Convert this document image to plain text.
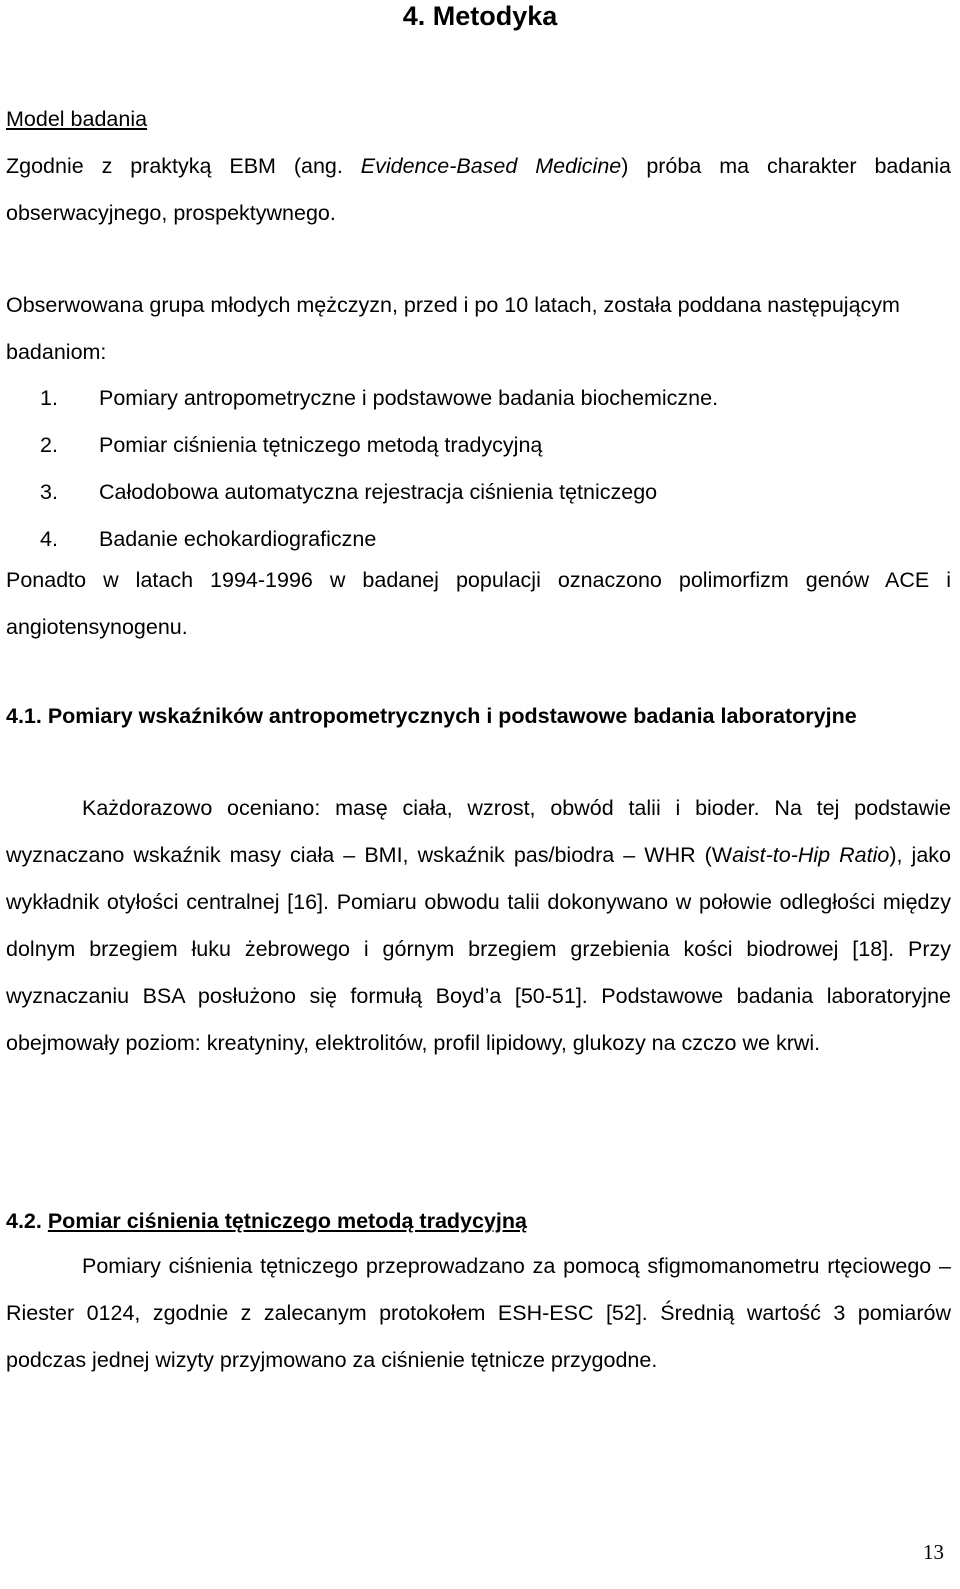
4. Metodyka

Model badania

Zgodnie z praktyką EBM (ang. Evidence-Based Medicine) próba ma charakter badania obserwacyjnego, prospektywnego.

Obserwowana grupa młodych mężczyzn, przed i po 10 latach, została poddana następującym badaniom:

1. Pomiary antropometryczne i podstawowe badania biochemiczne.
2. Pomiar ciśnienia tętniczego metodą tradycyjną
3. Całodobowa automatyczna rejestracja ciśnienia tętniczego
4. Badanie echokardiograficzne

Ponadto w latach 1994-1996 w badanej populacji oznaczono polimorfizm genów ACE i angiotensynogenu.

4.1. Pomiary wskaźników antropometrycznych i podstawowe badania laboratoryjne

Każdorazowo oceniano: masę ciała, wzrost, obwód talii i bioder. Na tej podstawie wyznaczano wskaźnik masy ciała – BMI, wskaźnik pas/biodra – WHR (Waist-to-Hip Ratio), jako wykładnik otyłości centralnej [16]. Pomiaru obwodu talii dokonywano w połowie odległości między dolnym brzegiem łuku żebrowego i górnym brzegiem grzebienia kości biodrowej [18]. Przy wyznaczaniu BSA posłużono się formułą Boyd’a [50-51]. Podstawowe badania laboratoryjne obejmowały poziom: kreatyniny, elektrolitów, profil lipidowy, glukozy na czczo we krwi.

4.2. Pomiar ciśnienia tętniczego metodą tradycyjną

Pomiary ciśnienia tętniczego przeprowadzano za pomocą sfigmomanometru rtęciowego – Riester 0124, zgodnie z zalecanym protokołem ESH-ESC [52]. Średnią wartość 3 pomiarów podczas jednej wizyty przyjmowano za ciśnienie tętnicze przygodne.

13
